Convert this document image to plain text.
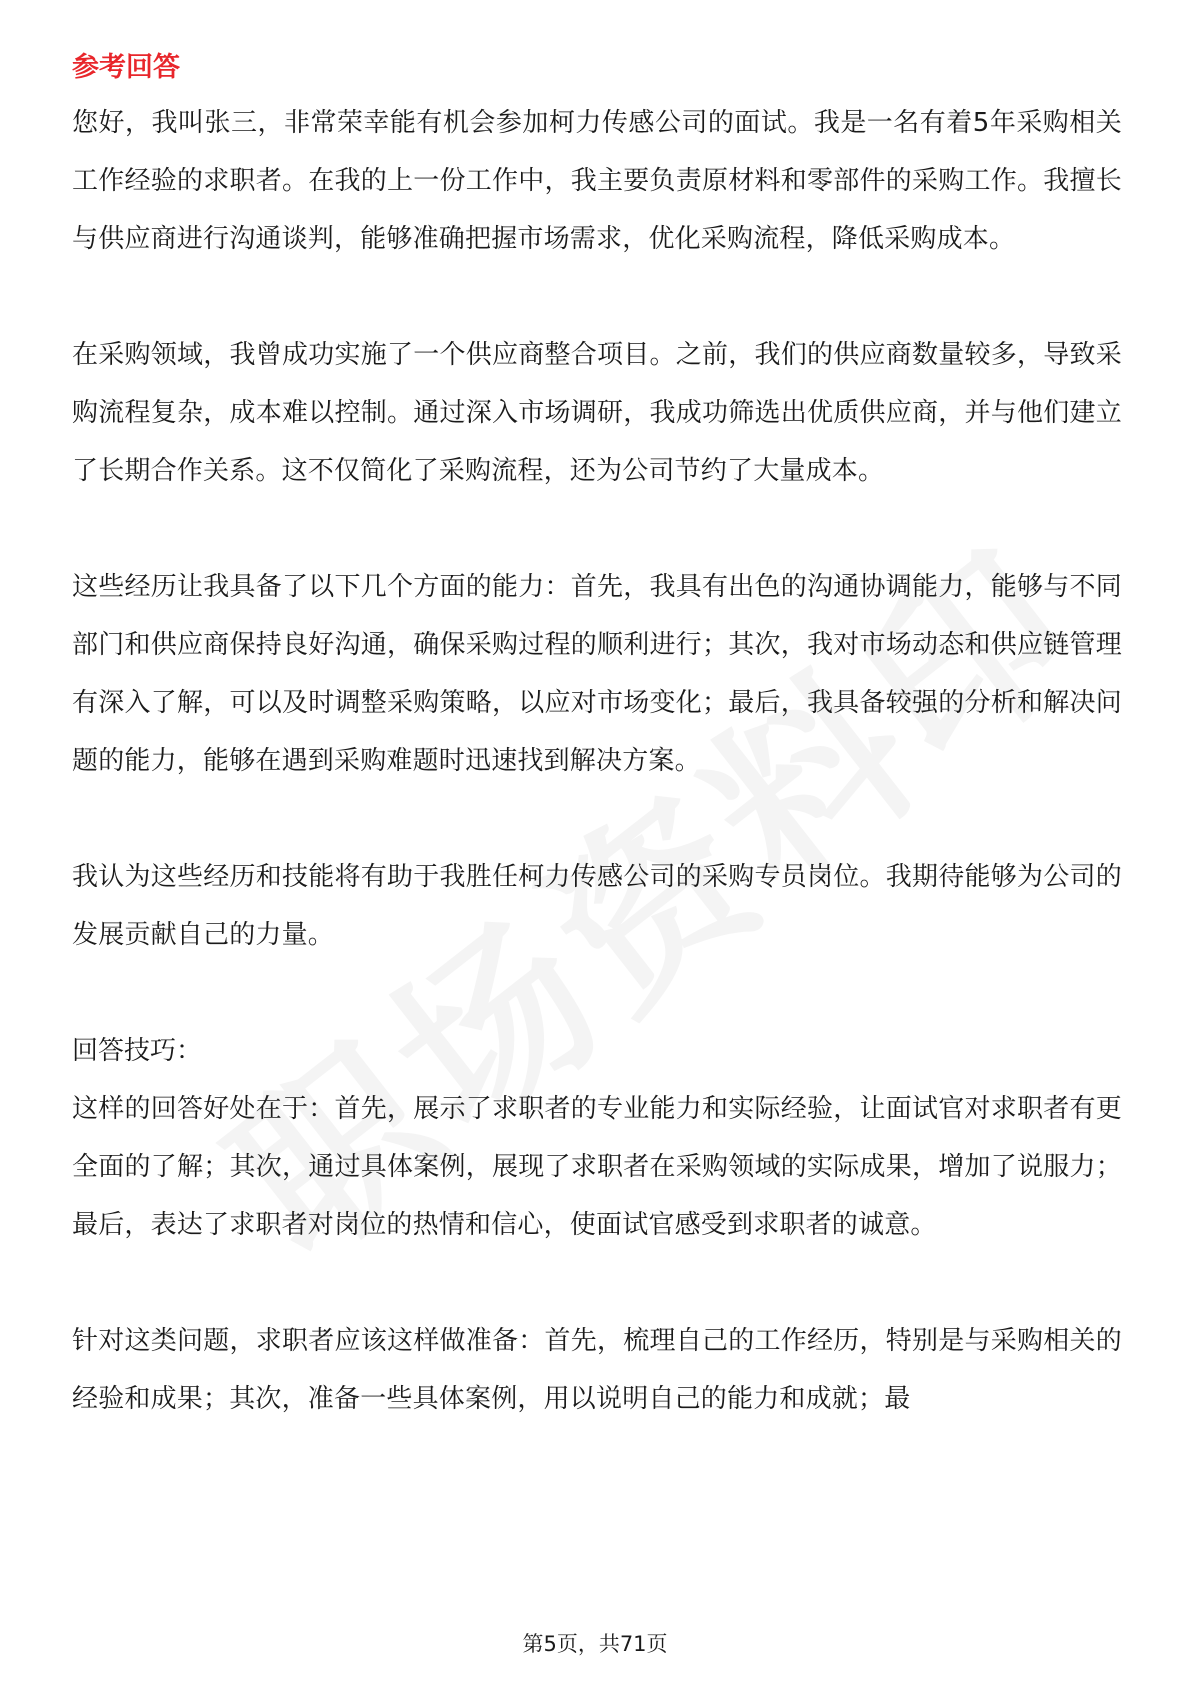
参考回答

您好，我叫张三，非常荣幸能有机会参加柯力传感公司的面试。我是一名有着5年采购相关工作经验的求职者。在我的上一份工作中，我主要负责原材料和零部件的采购工作。我擅长与供应商进行沟通谈判，能够准确把握市场需求，优化采购流程，降低采购成本。

在采购领域，我曾成功实施了一个供应商整合项目。之前，我们的供应商数量较多，导致采购流程复杂，成本难以控制。通过深入市场调研，我成功筛选出优质供应商，并与他们建立了长期合作关系。这不仅简化了采购流程，还为公司节约了大量成本。

这些经历让我具备了以下几个方面的能力：首先，我具有出色的沟通协调能力，能够与不同部门和供应商保持良好沟通，确保采购过程的顺利进行；其次，我对市场动态和供应链管理有深入了解，可以及时调整采购策略，以应对市场变化；最后，我具备较强的分析和解决问题的能力，能够在遇到采购难题时迅速找到解决方案。

我认为这些经历和技能将有助于我胜任柯力传感公司的采购专员岗位。我期待能够为公司的发展贡献自己的力量。

回答技巧：

这样的回答好处在于：首先，展示了求职者的专业能力和实际经验，让面试官对求职者有更全面的了解；其次，通过具体案例，展现了求职者在采购领域的实际成果，增加了说服力；最后，表达了求职者对岗位的热情和信心，使面试官感受到求职者的诚意。

针对这类问题，求职者应该这样做准备：首先，梳理自己的工作经历，特别是与采购相关的经验和成果；其次，准备一些具体案例，用以说明自己的能力和成就；最

第5页，共71页
